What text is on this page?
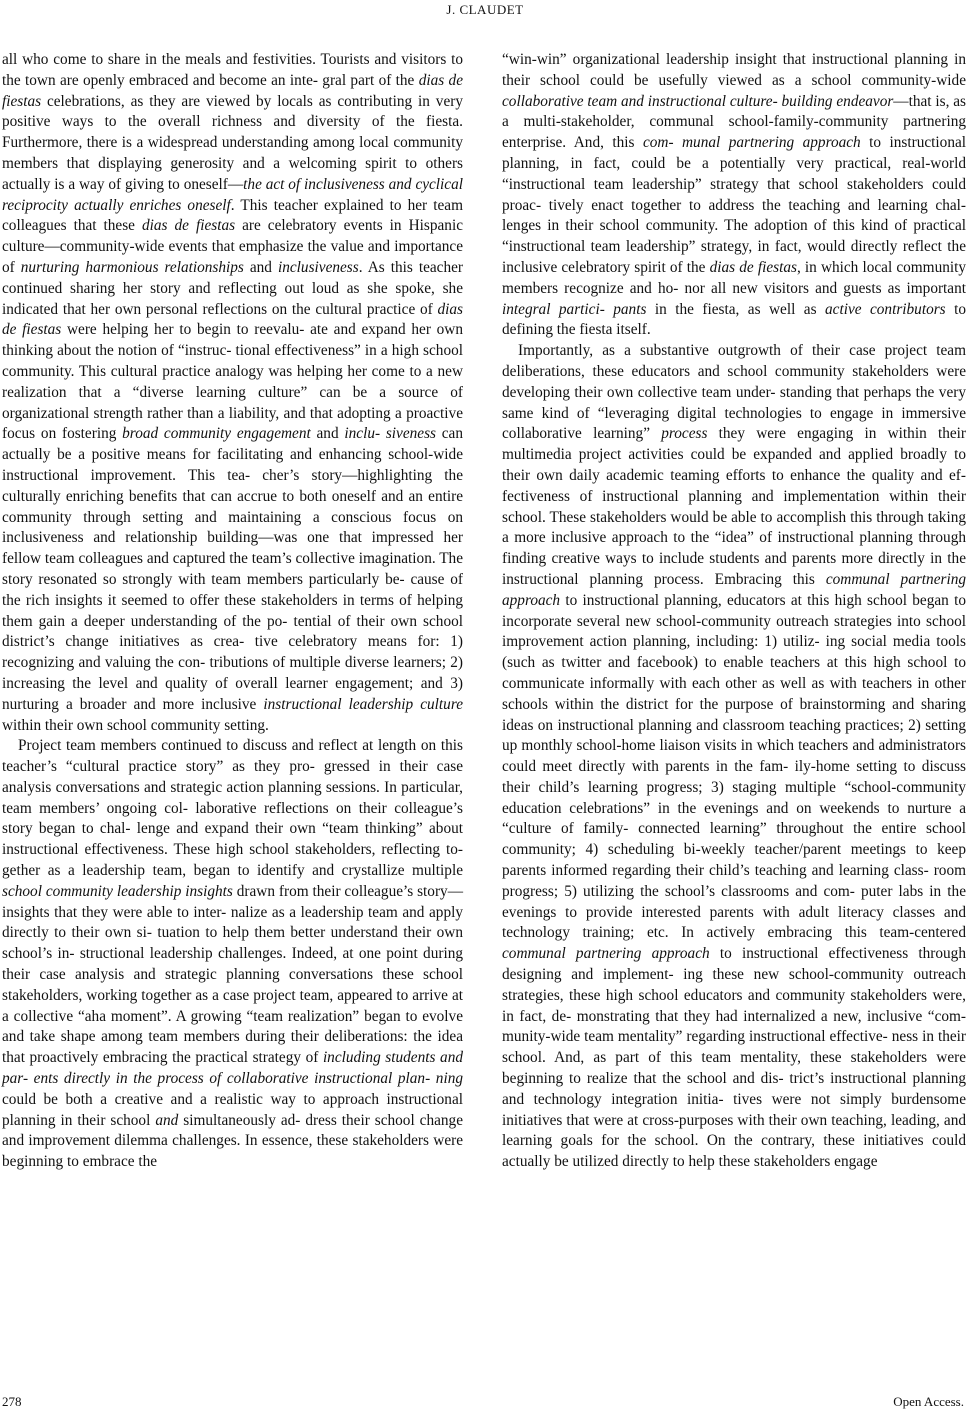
J. CLAUDET

all who come to share in the meals and festivities. Tourists and visitors to the town are openly embraced and become an inte- gral part of the dias de fiestas celebrations, as they are viewed by locals as contributing in very positive ways to the overall richness and diversity of the fiesta. Furthermore, there is a widespread understanding among local community members that displaying generosity and a welcoming spirit to others actually is a way of giving to oneself—the act of inclusiveness and cyclical reciprocity actually enriches oneself. This teacher explained to her team colleagues that these dias de fiestas are celebratory events in Hispanic culture—community-wide events that emphasize the value and importance of nurturing harmonious relationships and inclusiveness. As this teacher continued sharing her story and reflecting out loud as she spoke, she indicated that her own personal reflections on the cultural practice of dias de fiestas were helping her to begin to reevalu- ate and expand her own thinking about the notion of “instruc- tional effectiveness” in a high school community. This cultural practice analogy was helping her come to a new realization that a “diverse learning culture” can be a source of organizational strength rather than a liability, and that adopting a proactive focus on fostering broad community engagement and inclu- siveness can actually be a positive means for facilitating and enhancing school-wide instructional improvement. This tea- cher’s story—highlighting the culturally enriching benefits that can accrue to both oneself and an entire community through setting and maintaining a conscious focus on inclusiveness and relationship building—was one that impressed her fellow team colleagues and captured the team’s collective imagination. The story resonated so strongly with team members particularly be- cause of the rich insights it seemed to offer these stakeholders in terms of helping them gain a deeper understanding of the po- tential of their own school district’s change initiatives as crea- tive celebratory means for: 1) recognizing and valuing the con- tributions of multiple diverse learners; 2) increasing the level and quality of overall learner engagement; and 3) nurturing a broader and more inclusive instructional leadership culture within their own school community setting.

Project team members continued to discuss and reflect at length on this teacher’s “cultural practice story” as they pro- gressed in their case analysis conversations and strategic action planning sessions. In particular, team members’ ongoing col- laborative reflections on their colleague’s story began to chal- lenge and expand their own “team thinking” about instructional effectiveness. These high school stakeholders, reflecting to- gether as a leadership team, began to identify and crystallize multiple school community leadership insights drawn from their colleague’s story—insights that they were able to inter- nalize as a leadership team and apply directly to their own si- tuation to help them better understand their own school’s in- structional leadership challenges. Indeed, at one point during their case analysis and strategic planning conversations these school stakeholders, working together as a case project team, appeared to arrive at a collective “aha moment”. A growing “team realization” began to evolve and take shape among team members during their deliberations: the idea that proactively embracing the practical strategy of including students and par- ents directly in the process of collaborative instructional plan- ning could be both a creative and a realistic way to approach instructional planning in their school and simultaneously ad- dress their school change and improvement dilemma challenges. In essence, these stakeholders were beginning to embrace the

“win-win” organizational leadership insight that instructional planning in their school could be usefully viewed as a school community-wide collaborative team and instructional culture- building endeavor—that is, as a multi-stakeholder, communal school-family-community partnering enterprise. And, this com- munal partnering approach to instructional planning, in fact, could be a potentially very practical, real-world “instructional team leadership” strategy that school stakeholders could proac- tively enact together to address the teaching and learning chal- lenges in their school community. The adoption of this kind of practical “instructional team leadership” strategy, in fact, would directly reflect the inclusive celebratory spirit of the dias de fiestas, in which local community members recognize and ho- nor all new visitors and guests as important integral partici- pants in the fiesta, as well as active contributors to defining the fiesta itself.

Importantly, as a substantive outgrowth of their case project team deliberations, these educators and school community stakeholders were developing their own collective team under- standing that perhaps the very same kind of “leveraging digital technologies to engage in immersive collaborative learning” process they were engaging in within their multimedia project activities could be expanded and applied broadly to their own daily academic teaming efforts to enhance the quality and ef- fectiveness of instructional planning and implementation within their school. These stakeholders would be able to accomplish this through taking a more inclusive approach to the “idea” of instructional planning through finding creative ways to include students and parents more directly in the instructional planning process. Embracing this communal partnering approach to instructional planning, educators at this high school began to incorporate several new school-community outreach strategies into school improvement action planning, including: 1) utiliz- ing social media tools (such as twitter and facebook) to enable teachers at this high school to communicate informally with each other as well as with teachers in other schools within the district for the purpose of brainstorming and sharing ideas on instructional planning and classroom teaching practices; 2) setting up monthly school-home liaison visits in which teachers and administrators could meet directly with parents in the fam- ily-home setting to discuss their child’s learning progress; 3) staging multiple “school-community education celebrations” in the evenings and on weekends to nurture a “culture of family- connected learning” throughout the entire school community; 4) scheduling bi-weekly teacher/parent meetings to keep parents informed regarding their child’s teaching and learning class- room progress; 5) utilizing the school’s classrooms and com- puter labs in the evenings to provide interested parents with adult literacy classes and technology training; etc. In actively embracing this team-centered communal partnering approach to instructional effectiveness through designing and implement- ing these new school-community outreach strategies, these high school educators and community stakeholders were, in fact, de- monstrating that they had internalized a new, inclusive “com- munity-wide team mentality” regarding instructional effective- ness in their school. And, as part of this team mentality, these stakeholders were beginning to realize that the school and dis- trict’s instructional planning and technology integration initia- tives were not simply burdensome initiatives that were at cross-purposes with their own teaching, leading, and learning goals for the school. On the contrary, these initiatives could actually be utilized directly to help these stakeholders engage

278	Open Access.
